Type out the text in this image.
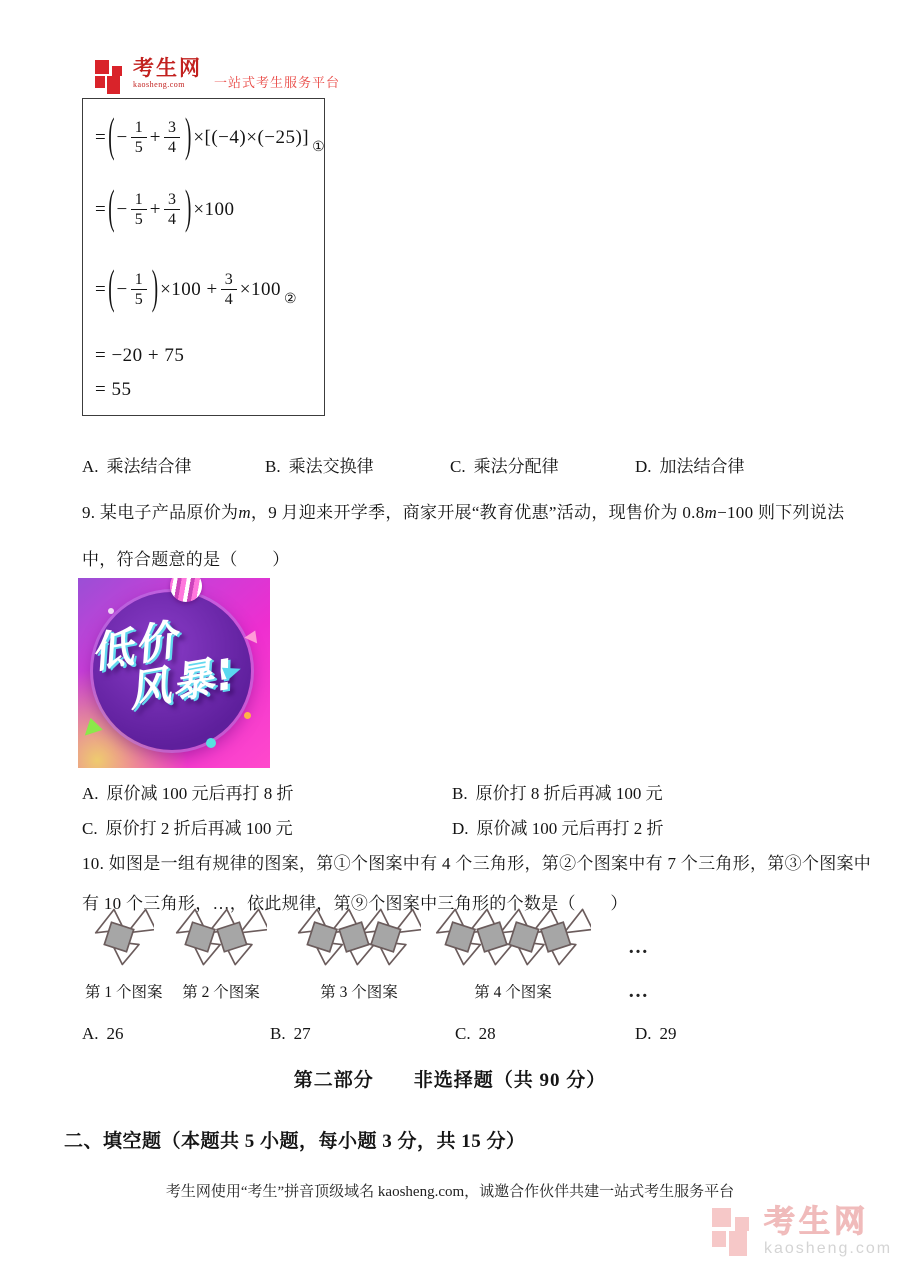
考生网
kaosheng.com	一站式考生服务平台
= ( − $\frac{1}{5} + \frac{3}{4}$ ) ×[(−4)×(−25)] ①
= ( − $\frac{1}{5} + \frac{3}{4}$ ) ×100
= ( − $\frac{1}{5}$ ) $\times 100 + \frac{3}{4} \times 100$ ②
= −20 + 75
= 55
A. 乘法结合律	B. 乘法交换律	C. 乘法分配律	D. 加法结合律
9. 某电子产品原价为m，9 月迎来开学季，商家开展“教育优惠”活动，现售价为 0.8m−100 则下列说法
中，符合题意的是（　　）
低价
风暴!
A. 原价减 100 元后再打 8 折	B. 原价打 8 折后再减 100 元
C. 原价打 2 折后再减 100 元	D. 原价减 100 元后再打 2 折
10. 如图是一组有规律的图案，第①个图案中有 4 个三角形，第②个图案中有 7 个三角形，第③个图案中
有 10 个三角形，…，依此规律，第⑨个图案中三角形的个数是（　　）
第 1 个图案 第 2 个图案	第 3 个图案	第 4 个图案
…
…
A. 26	B. 27	C. 28	D. 29
第二部分　　非选择题（共 90 分）
二、填空题（本题共 5 小题，每小题 3 分，共 15 分）
考生网使用“考生”拼音顶级域名 kaosheng.com，诚邀合作伙伴共建一站式考生服务平台
考生网
kaosheng.com
